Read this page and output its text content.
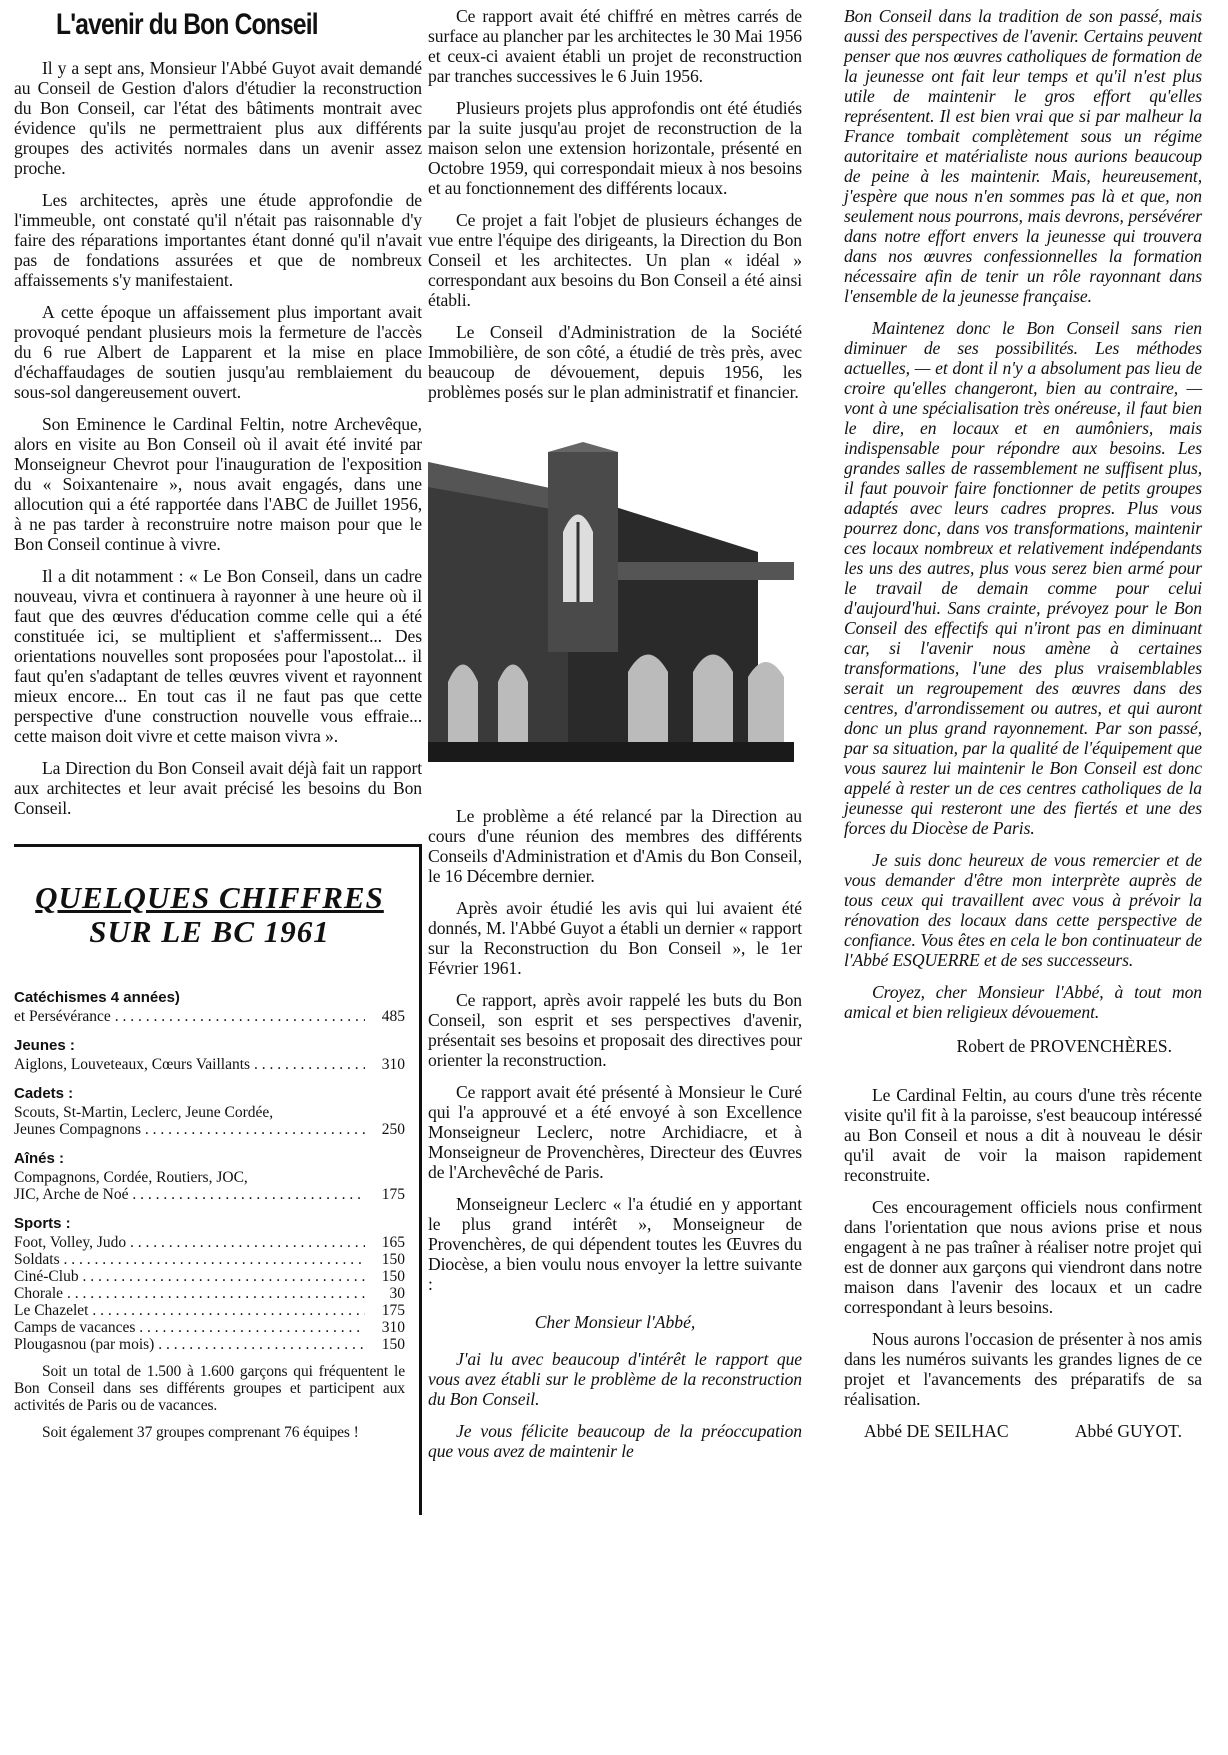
L'avenir du Bon Conseil

Il y a sept ans, Monsieur l'Abbé Guyot avait demandé au Conseil de Gestion d'alors d'étudier la reconstruction du Bon Conseil, car l'état des bâtiments montrait avec évidence qu'ils ne permettraient plus aux différents groupes des activités normales dans un avenir assez proche.

Les architectes, après une étude approfondie de l'immeuble, ont constaté qu'il n'était pas raisonnable d'y faire des réparations importantes étant donné qu'il n'avait pas de fondations assurées et que de nombreux affaissements s'y manifestaient.

A cette époque un affaissement plus important avait provoqué pendant plusieurs mois la fermeture de l'accès du 6 rue Albert de Lapparent et la mise en place d'échaffaudages de soutien jusqu'au remblaiement du sous-sol dangereusement ouvert.

Son Eminence le Cardinal Feltin, notre Archevêque, alors en visite au Bon Conseil où il avait été invité par Monseigneur Chevrot pour l'inauguration de l'exposition du « Soixantenaire », nous avait engagés, dans une allocution qui a été rapportée dans l'ABC de Juillet 1956, à ne pas tarder à reconstruire notre maison pour que le Bon Conseil continue à vivre.

Il a dit notamment : « Le Bon Conseil, dans un cadre nouveau, vivra et continuera à rayonner à une heure où il faut que des œuvres d'éducation comme celle qui a été constituée ici, se multiplient et s'affermissent... Des orientations nouvelles sont proposées pour l'apostolat... il faut qu'en s'adaptant de telles œuvres vivent et rayonnent mieux encore... En tout cas il ne faut pas que cette perspective d'une construction nouvelle vous effraie... cette maison doit vivre et cette maison vivra ».

La Direction du Bon Conseil avait déjà fait un rapport aux architectes et leur avait précisé les besoins du Bon Conseil.

QUELQUES CHIFFRES
SUR LE BC 1961
Catéchismes 4 années)
et Persévérance . . .	485
Jeunes :
Aiglons, Louveteaux, Cœurs Vaillants . . .	310
Cadets :
Scouts, St-Martin, Leclerc, Jeune Cordée,
Jeunes Compagnons . . .	250
Aînés :
Compagnons, Cordée, Routiers, JOC,
JIC, Arche de Noé . . .	175
Sports :
Foot, Volley, Judo . . .	165
Soldats . . .	150
Ciné-Club . . .	150
Chorale . . .	30
Le Chazelet . . .	175
Camps de vacances . . .	310
Plougasnou (par mois) . . .	150

Soit un total de 1.500 à 1.600 garçons qui fréquentent le Bon Conseil dans ses différents groupes et participent aux activités de Paris ou de vacances.

Soit également 37 groupes comprenant 76 équipes !

Ce rapport avait été chiffré en mètres carrés de surface au plancher par les architectes le 30 Mai 1956 et ceux-ci avaient établi un projet de reconstruction par tranches successives le 6 Juin 1956.

Plusieurs projets plus approfondis ont été étudiés par la suite jusqu'au projet de reconstruction de la maison selon une extension horizontale, présenté en Octobre 1959, qui correspondait mieux à nos besoins et au fonctionnement des différents locaux.

Ce projet a fait l'objet de plusieurs échanges de vue entre l'équipe des dirigeants, la Direction du Bon Conseil et les architectes. Un plan « idéal » correspondant aux besoins du Bon Conseil a été ainsi établi.

Le Conseil d'Administration de la Société Immobilière, de son côté, a étudié de très près, avec beaucoup de dévouement, depuis 1956, les problèmes posés sur le plan administratif et financier.

Le problème a été relancé par la Direction au cours d'une réunion des membres des différents Conseils d'Administration et d'Amis du Bon Conseil, le 16 Décembre dernier.

Après avoir étudié les avis qui lui avaient été donnés, M. l'Abbé Guyot a établi un dernier « rapport sur la Reconstruction du Bon Conseil », le 1er Février 1961.

Ce rapport, après avoir rappelé les buts du Bon Conseil, son esprit et ses perspectives d'avenir, présentait ses besoins et proposait des directives pour orienter la reconstruction.

Ce rapport avait été présenté à Monsieur le Curé qui l'a approuvé et a été envoyé à son Excellence Monseigneur Leclerc, notre Archidiacre, et à Monseigneur de Provenchères, Directeur des Œuvres de l'Archevêché de Paris.

Monseigneur Leclerc « l'a étudié en y apportant le plus grand intérêt », Monseigneur de Provenchères, de qui dépendent toutes les Œuvres du Diocèse, a bien voulu nous envoyer la lettre suivante :

Cher Monsieur l'Abbé,

J'ai lu avec beaucoup d'intérêt le rapport que vous avez établi sur le problème de la reconstruction du Bon Conseil.

Je vous félicite beaucoup de la préoccupation que vous avez de maintenir le

Bon Conseil dans la tradition de son passé, mais aussi des perspectives de l'avenir. Certains peuvent penser que nos œuvres catholiques de formation de la jeunesse ont fait leur temps et qu'il n'est plus utile de maintenir le gros effort qu'elles représentent. Il est bien vrai que si par malheur la France tombait complètement sous un régime autoritaire et matérialiste nous aurions beaucoup de peine à les maintenir. Mais, heureusement, j'espère que nous n'en sommes pas là et que, non seulement nous pourrons, mais devrons, persévérer dans notre effort envers la jeunesse qui trouvera dans nos œuvres confessionnelles la formation nécessaire afin de tenir un rôle rayonnant dans l'ensemble de la jeunesse française.

Maintenez donc le Bon Conseil sans rien diminuer de ses possibilités. Les méthodes actuelles, — et dont il n'y a absolument pas lieu de croire qu'elles changeront, bien au contraire, — vont à une spécialisation très onéreuse, il faut bien le dire, en locaux et en aumôniers, mais indispensable pour répondre aux besoins. Les grandes salles de rassemblement ne suffisent plus, il faut pouvoir faire fonctionner de petits groupes adaptés avec leurs cadres propres. Plus vous pourrez donc, dans vos transformations, maintenir ces locaux nombreux et relativement indépendants les uns des autres, plus vous serez bien armé pour le travail de demain comme pour celui d'aujourd'hui. Sans crainte, prévoyez pour le Bon Conseil des effectifs qui n'iront pas en diminuant car, si l'avenir nous amène à certaines transformations, l'une des plus vraisemblables serait un regroupement des œuvres dans des centres, d'arrondissement ou autres, et qui auront donc un plus grand rayonnement. Par son passé, par sa situation, par la qualité de l'équipement que vous saurez lui maintenir le Bon Conseil est donc appelé à rester un de ces centres catholiques de la jeunesse qui resteront une des fiertés et une des forces du Diocèse de Paris.

Je suis donc heureux de vous remercier et de vous demander d'être mon interprète auprès de tous ceux qui travaillent avec vous à prévoir la rénovation des locaux dans cette perspective de confiance. Vous êtes en cela le bon continuateur de l'Abbé ESQUERRE et de ses successeurs.

Croyez, cher Monsieur l'Abbé, à tout mon amical et bien religieux dévouement.

Robert de PROVENCHÈRES.

Le Cardinal Feltin, au cours d'une très récente visite qu'il fit à la paroisse, s'est beaucoup intéressé au Bon Conseil et nous a dit à nouveau le désir qu'il avait de voir la maison rapidement reconstruite.

Ces encouragement officiels nous confirment dans l'orientation que nous avions prise et nous engagent à ne pas traîner à réaliser notre projet qui est de donner aux garçons qui viendront dans notre maison dans l'avenir des locaux et un cadre correspondant à leurs besoins.

Nous aurons l'occasion de présenter à nos amis dans les numéros suivants les grandes lignes de ce projet et l'avancements des préparatifs de sa réalisation.

Abbé DE SEILHAC	Abbé GUYOT.
